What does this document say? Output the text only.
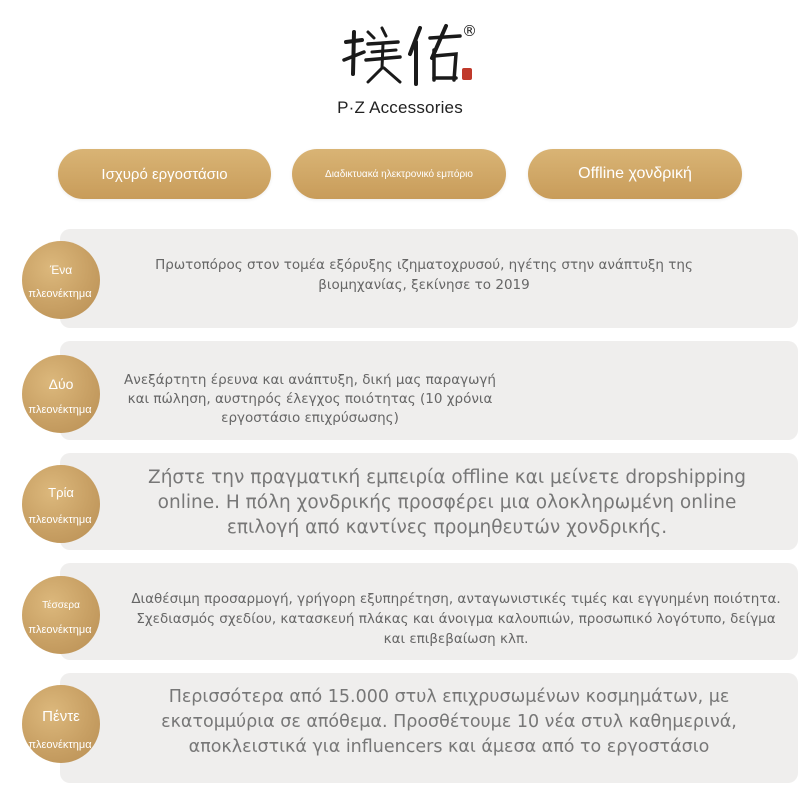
®
P·Z Accessories
Ισχυρό εργοστάσιο	Διαδικτυακά ηλεκτρονικό εμπόριο	Offline χονδρική
Ένα
πλεονέκτημα
Πρωτοπόρος στον τομέα εξόρυξης ιζηματοχρυσού, ηγέτης στην ανάπτυξη της βιομηχανίας, ξεκίνησε το 2019
Δύο
πλεονέκτημα
Ανεξάρτητη έρευνα και ανάπτυξη, δική μας παραγωγή και πώληση, αυστηρός έλεγχος ποιότητας (10 χρόνια εργοστάσιο επιχρύσωσης)
Τρία
πλεονέκτημα
Ζήστε την πραγματική εμπειρία offline και μείνετε dropshipping online. Η πόλη χονδρικής προσφέρει μια ολοκληρωμένη online επιλογή από καντίνες προμηθευτών χονδρικής.
Τέσσερα
πλεονέκτημα
Διαθέσιμη προσαρμογή, γρήγορη εξυπηρέτηση, ανταγωνιστικές τιμές και εγγυημένη ποιότητα. Σχεδιασμός σχεδίου, κατασκευή πλάκας και άνοιγμα καλουπιών, προσωπικό λογότυπο, δείγμα και επιβεβαίωση κλπ.
Πέντε
πλεονέκτημα
Περισσότερα από 15.000 στυλ επιχρυσωμένων κοσμημάτων, με εκατομμύρια σε απόθεμα. Προσθέτουμε 10 νέα στυλ καθημερινά, αποκλειστικά για influencers και άμεσα από το εργοστάσιο
